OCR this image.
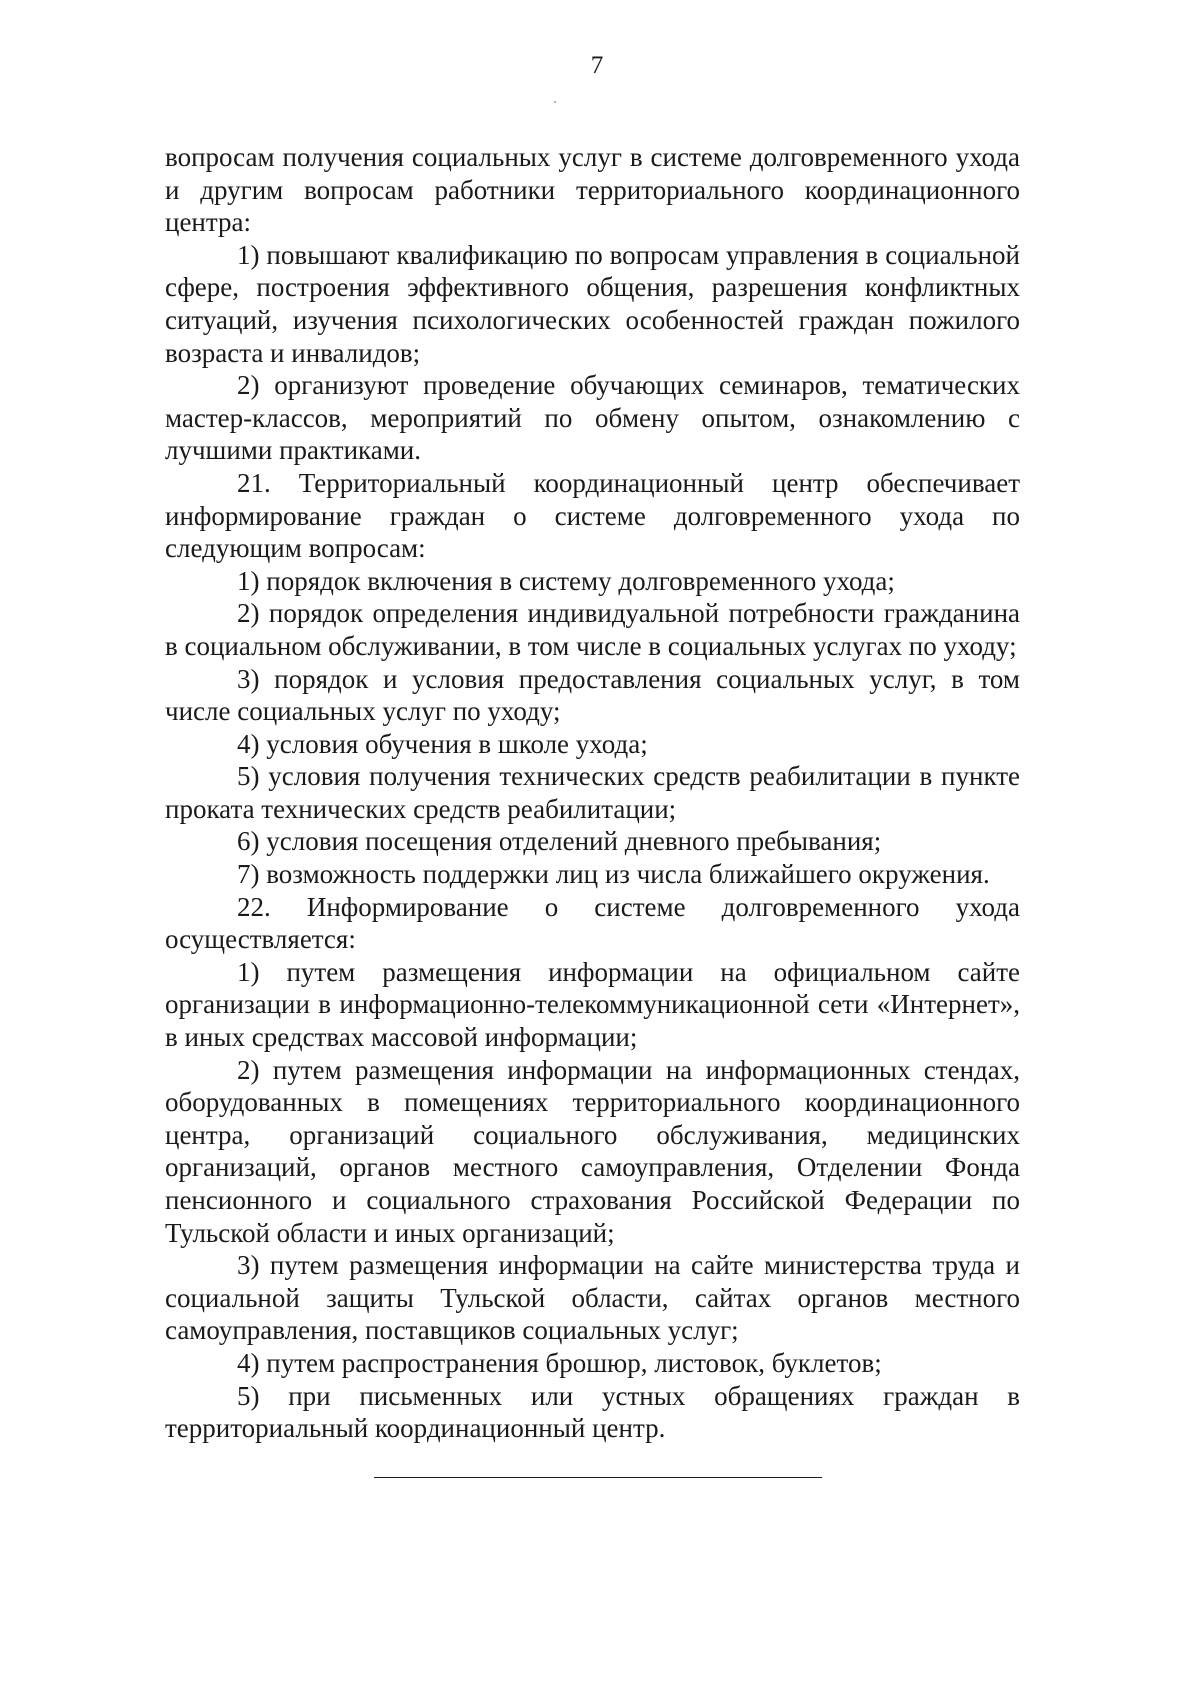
7

вопросам получения социальных услуг в системе долговременного ухода и другим вопросам работники территориального координационного центра:

1) повышают квалификацию по вопросам управления в социальной сфере, построения эффективного общения, разрешения конфликтных ситуаций, изучения психологических особенностей граждан пожилого возраста и инвалидов;

2) организуют проведение обучающих семинаров, тематических мастер-классов, мероприятий по обмену опытом, ознакомлению с лучшими практиками.

21. Территориальный координационный центр обеспечивает информирование граждан о системе долговременного ухода по следующим вопросам:

1) порядок включения в систему долговременного ухода;

2) порядок определения индивидуальной потребности гражданина в социальном обслуживании, в том числе в социальных услугах по уходу;

3) порядок и условия предоставления социальных услуг, в том числе социальных услуг по уходу;

4) условия обучения в школе ухода;

5) условия получения технических средств реабилитации в пункте проката технических средств реабилитации;

6) условия посещения отделений дневного пребывания;

7) возможность поддержки лиц из числа ближайшего окружения.

22. Информирование о системе долговременного ухода осуществляется:

1) путем размещения информации на официальном сайте организации в информационно-телекоммуникационной сети «Интернет», в иных средствах массовой информации;

2) путем размещения информации на информационных стендах, оборудованных в помещениях территориального координационного центра, организаций социального обслуживания, медицинских организаций, органов местного самоуправления, Отделении Фонда пенсионного и социального страхования Российской Федерации по Тульской области и иных организаций;

3) путем размещения информации на сайте министерства труда и социальной защиты Тульской области, сайтах органов местного самоуправления, поставщиков социальных услуг;

4) путем распространения брошюр, листовок, буклетов;

5) при письменных или устных обращениях граждан в территориальный координационный центр.
